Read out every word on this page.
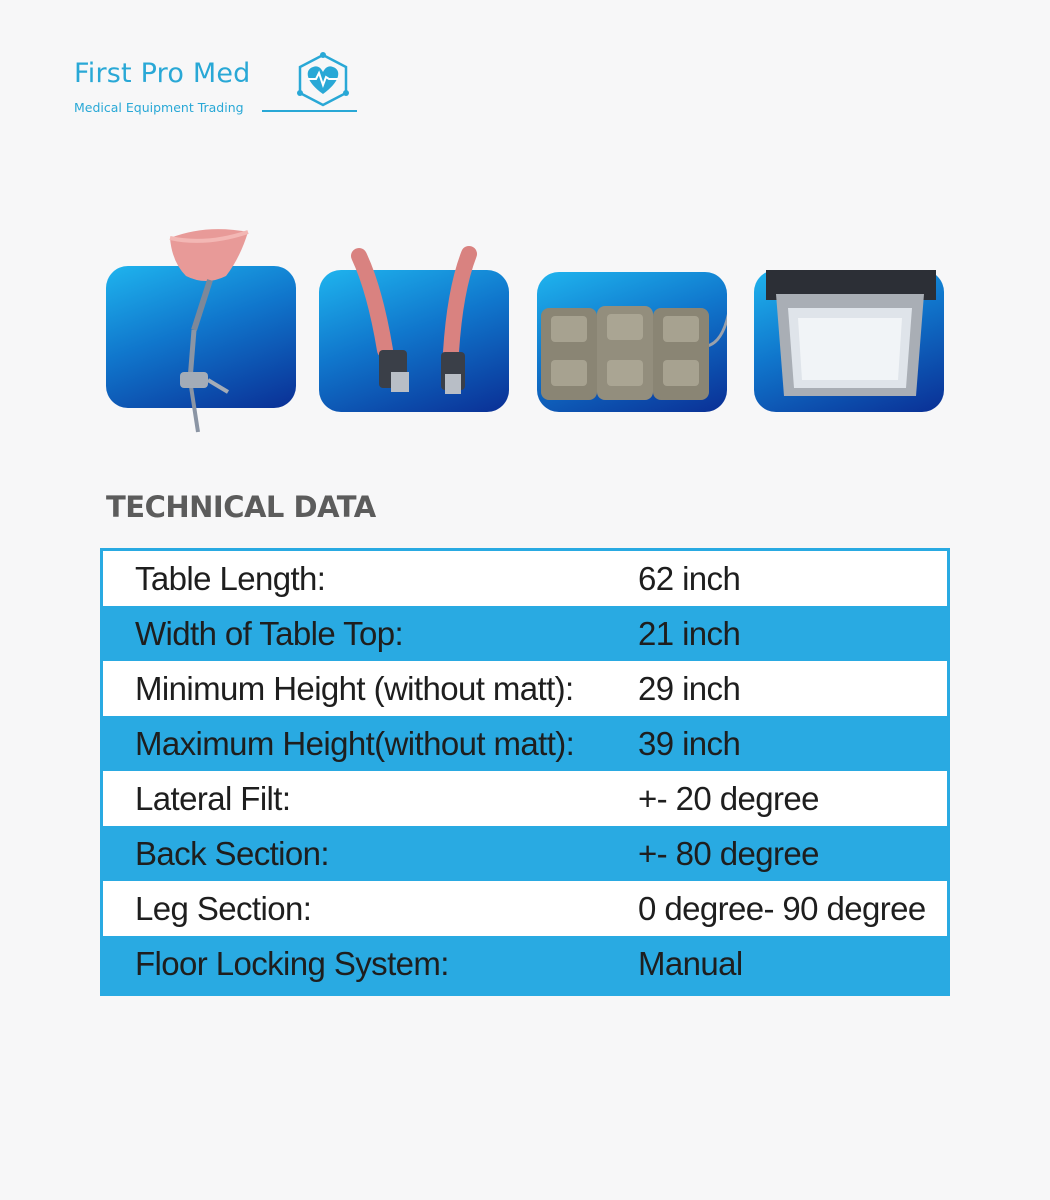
First Pro Med
Medical Equipment Trading
TECHNICAL DATA
Table Length:	62 inch
Width of Table Top:	21 inch
Minimum Height (without matt): 29 inch
Maximum Height(without matt): 39 inch
Lateral Filt:	+- 20 degree
Back Section:	+- 80 degree
Leg Section:	0 degree- 90 degree
Floor Locking System:	Manual
